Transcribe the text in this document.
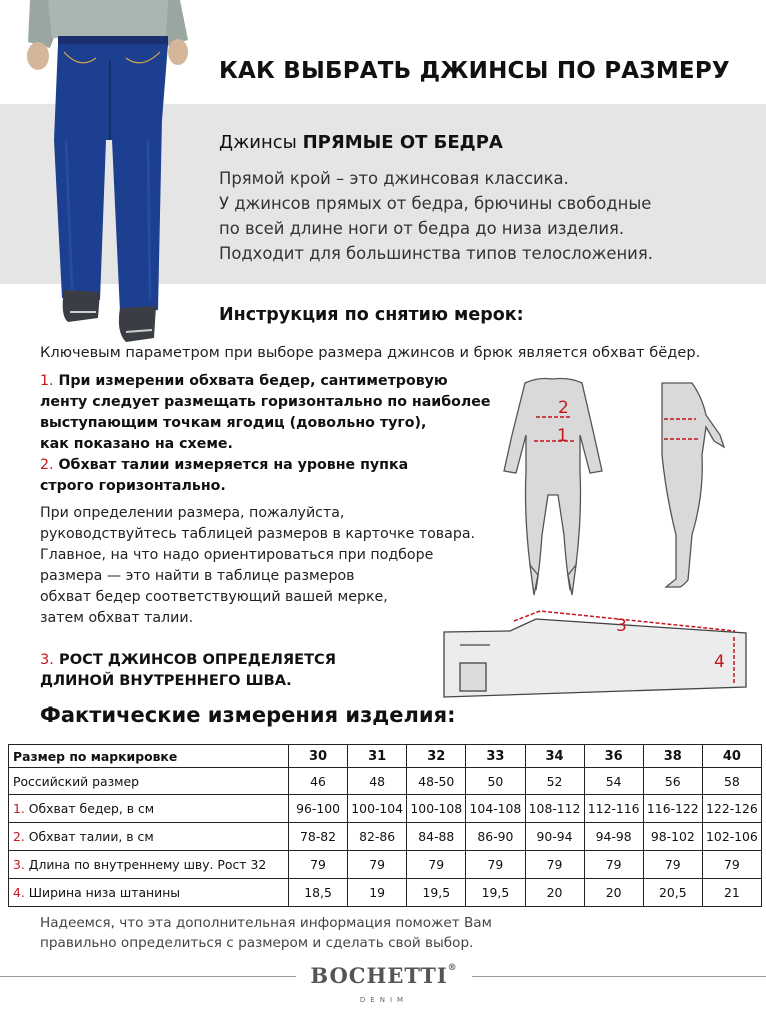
КАК ВЫБРАТЬ ДЖИНСЫ ПО РАЗМЕРУ
Джинсы ПРЯМЫЕ ОТ БЕДРА
Прямой крой – это джинсовая классика.
У джинсов прямых от бедра, брючины свободные
по всей длине ноги от бедра до низа изделия.
Подходит для большинства типов телосложения.
Инструкция по снятию мерок:
Ключевым параметром при выборе размера джинсов и брюк является обхват бёдер.
1. При измерении обхвата бедер, сантиметровую
ленту следует размещать горизонтально по наиболее
выступающим точкам ягодиц (довольно туго),
как показано на схеме.
2. Обхват талии измеряется на уровне пупка
строго горизонтально.
При определении размера, пожалуйста,
руководствуйтесь таблицей размеров в карточке товара.
Главное, на что надо ориентироваться при подборе
размера — это найти в таблице размеров
обхват бедер соответствующий вашей мерке,
затем обхват талии.
3. РОСТ ДЖИНСОВ ОПРЕДЕЛЯЕТСЯ
ДЛИНОЙ ВНУТРЕННЕГО ШВА.
2
1
3
4
Фактические измерения изделия:
Размер по маркировке	30	31	32	33	34	36	38	40
Российский размер	46	48	48-50	50	52	54	56	58
1. Обхват бедер, в см	96-100	100-104	100-108	104-108	108-112	112-116	116-122	122-126
2. Обхват талии, в см	78-82	82-86	84-88	86-90	90-94	94-98	98-102	102-106
3. Длина по внутреннему шву. Рост 32	79	79	79	79	79	79	79	79
4. Ширина низа штанины	18,5	19	19,5	19,5	20	20	20,5	21
Надеемся, что эта дополнительная информация поможет Вам
правильно определиться с размером и сделать свой выбор.
BOCHETTI®
DENIM
